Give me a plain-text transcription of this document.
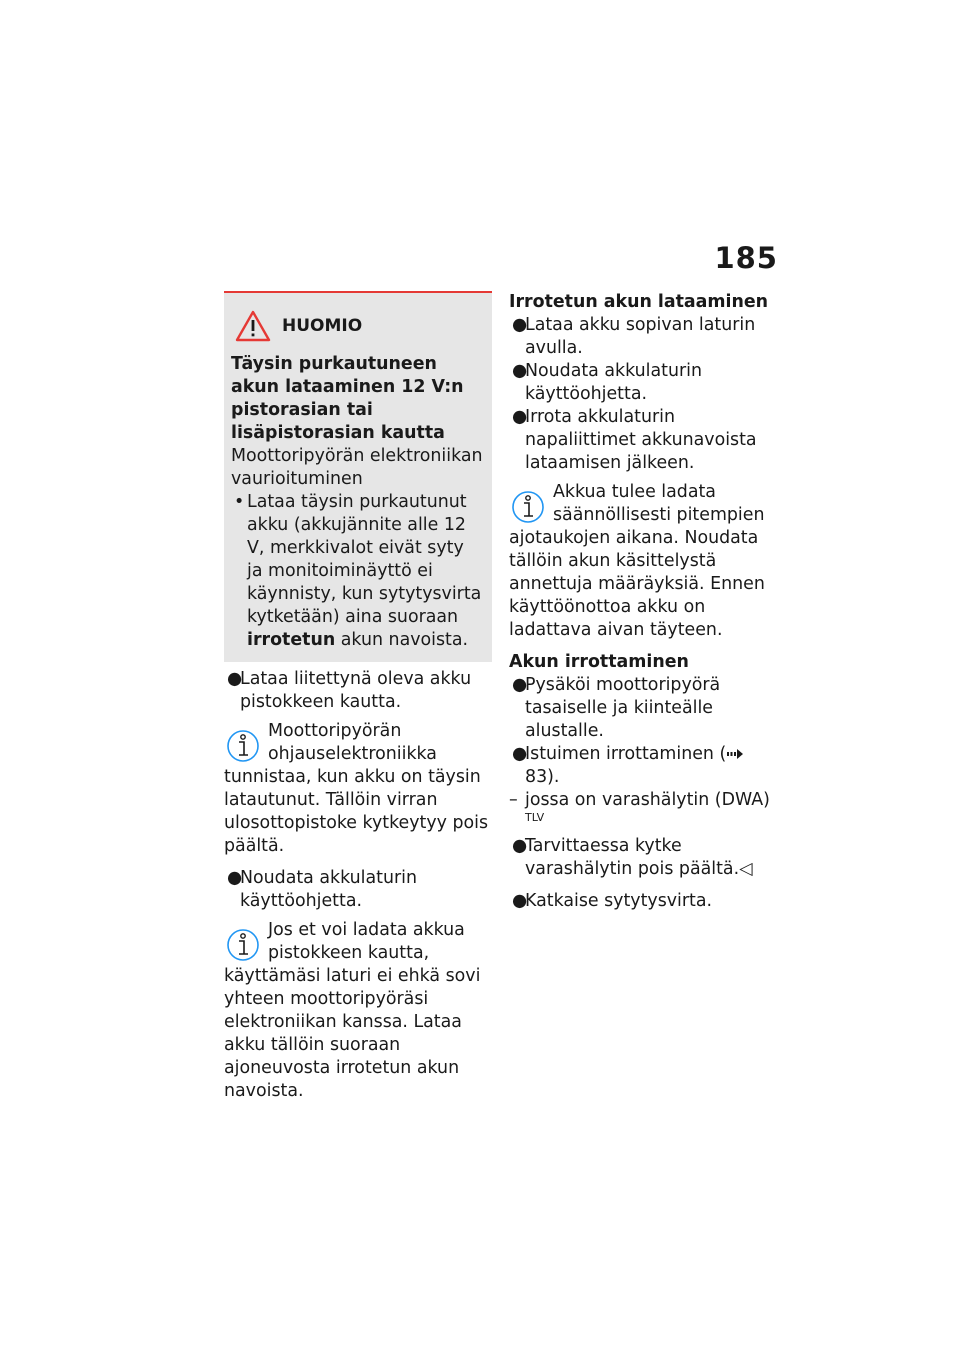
185
HUOMIO

Täysin purkautuneen akun lataaminen 12 V:n pistorasian tai lisäpistorasian kautta

Moottoripyörän elektroniikan vaurioituminen

• Lataa täysin purkautunut akku (akkujännite alle 12 V, merkkivalot eivät syty ja monitoiminäyttö ei käynnisty, kun sytytysvirta kytketään) aina suoraan irrotetun akun navoista.
●
Lataa liitettynä oleva akku pistokkeen kautta.

Moottoripyörän ohjauselektroniikka tunnistaa, kun akku on täysin latautunut. Tällöin virran ulosottopistoke kytkeytyy pois päältä.

●
Noudata akkulaturin käyttöohjetta.

Jos et voi ladata akkua pistokkeen kautta, käyttämäsi laturi ei ehkä sovi yhteen moottoripyöräsi elektroniikan kanssa. Lataa akku tällöin suoraan ajoneuvosta irrotetun akun navoista.

Irrotetun akun lataaminen

●
Lataa akku sopivan laturin avulla.
●
Noudata akkulaturin käyttöohjetta.
●
Irrota akkulaturin napaliittimet akkunavoista lataamisen jälkeen.

Akkua tulee ladata säännöllisesti pitempien ajotaukojen aikana. Noudata tällöin akun käsittelystä annettuja määräyksiä. Ennen käyttöönottoa akku on ladattava aivan täyteen.

Akun irrottaminen

●
Pysäköi moottoripyörä tasaiselle ja kiinteälle alustalle.
●
Istuimen irrottaminen ( 83).
– jossa on varashälytin (DWA) $^{TLV}$
●
Tarvittaessa kytke varashälytin pois päältä.◁
●
Katkaise sytytysvirta.
